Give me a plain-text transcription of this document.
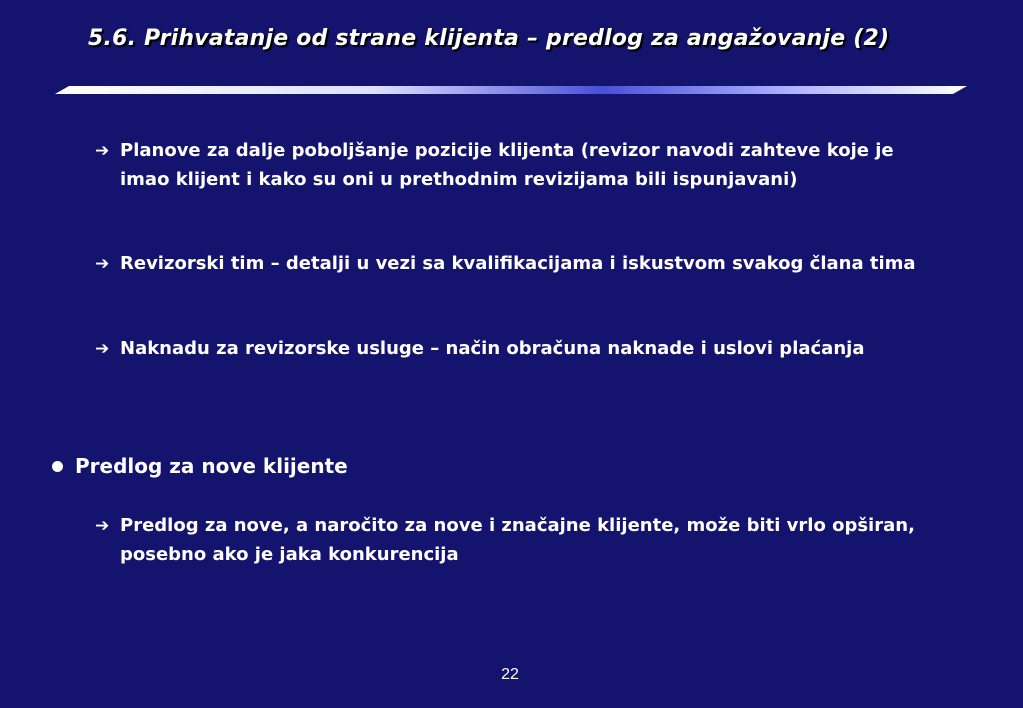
5.6. Prihvatanje od strane klijenta – predlog za angažovanje (2)
➔ Planove za dalje poboljšanje pozicije klijenta (revizor navodi zahteve koje je imao klijent i kako su oni u prethodnim revizijama bili ispunjavani)
➔ Revizorski tim – detalji u vezi sa kvalifikacijama i iskustvom svakog člana tima
➔ Naknadu za revizorske usluge – način obračuna naknade i uslovi plaćanja
Predlog za nove klijente
➔ Predlog za nove, a naročito za nove i značajne klijente, može biti vrlo opširan, posebno ako je jaka konkurencija
22
